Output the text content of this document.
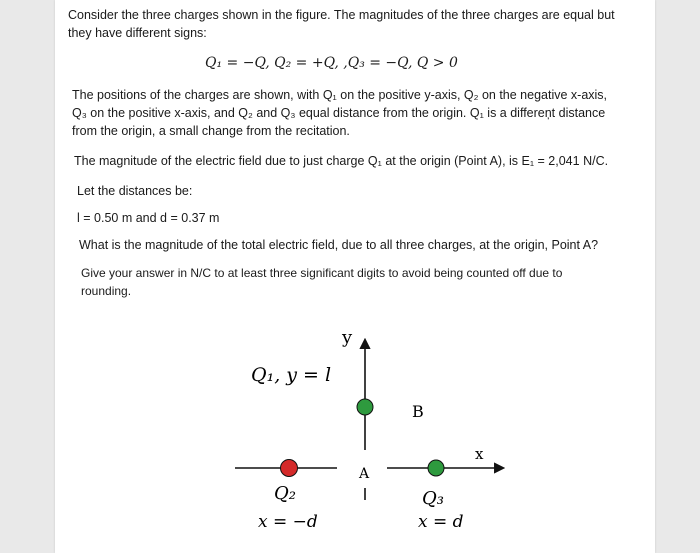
Consider the three charges shown in the figure. The magnitudes of the three charges are equal but
they have different signs:
Q₁ = −Q, Q₂ = +Q, ,Q₃ = −Q, Q > 0
The positions of the charges are shown, with Q₁ on the positive y-axis, Q₂ on the negative x-axis,
Q₃ on the positive x-axis, and Q₂ and Q₃ equal distance from the origin. Q₁ is a differeņt distance
from the origin, a small change from the recitation.
The magnitude of the electric field due to just charge Q₁ at the origin (Point A), is E₁ = 2,041 N/C.
Let the distances be:
l = 0.50 m and d = 0.37 m
What is the magnitude of the total electric field, due to all three charges, at the origin, Point A?
Give your answer in N/C to at least three significant digits to avoid being counted off due to
rounding.
y
x
Q₁, y = l
B
A
Q₂
x = −d
Q₃
x = d
